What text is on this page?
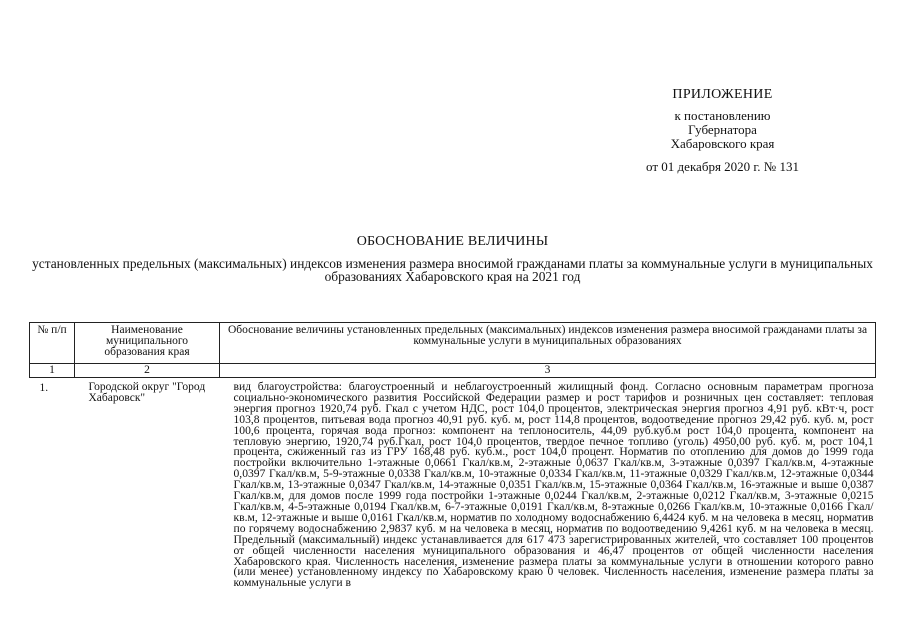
ПРИЛОЖЕНИЕ
к постановлению
Губернатора
Хабаровского края
от 01 декабря 2020 г. № 131
ОБОСНОВАНИЕ ВЕЛИЧИНЫ
установленных предельных (максимальных) индексов изменения размера вносимой гражданами платы за коммунальные услуги в муниципальных образованиях Хабаровского края на 2021 год
№ п/п	Наименование муниципального образования края	Обоснование величины установленных предельных (максимальных) индексов изменения размера вносимой гражданами платы за коммунальные услуги в муниципальных образованиях
1	2	3
1.	Городской округ "Город Хабаровск"	вид благоустройства: благоустроенный и неблагоустроенный жилищный фонд. Согласно основным параметрам прогноза социально-экономического развития Российской Федерации размер и рост тарифов и розничных цен составляет: тепловая энергия прогноз 1920,74 руб. Гкал с учетом НДС, рост 104,0 процентов, электрическая энергия прогноз 4,91 руб. кВт·ч, рост 103,8 процентов, питьевая вода прогноз 40,91 руб. куб. м, рост 114,8 процентов, водоотведение прогноз 29,42 руб. куб. м, рост 100,6 процента, горячая вода прогноз: компонент на теплоноситель, 44,09 руб.куб.м рост 104,0 процента, компонент на тепловую энергию, 1920,74 руб.Гкал, рост 104,0 процентов, твердое печное топливо (уголь) 4950,00 руб. куб. м, рост 104,1 процента, сжиженный газ из ГРУ 168,48 руб. куб.м., рост 104,0 процент. Норматив по отоплению для домов до 1999 года постройки включительно 1-этажные 0,0661 Гкал/кв.м, 2-этажные 0,0637 Гкал/кв.м, 3-этажные 0,0397 Гкал/кв.м, 4-этажные 0,0397 Гкал/кв.м, 5-9-этажные 0,0338 Гкал/кв.м, 10-этажные 0,0334 Гкал/кв.м, 11-этажные 0,0329 Гкал/кв.м, 12-этажные 0,0344 Гкал/кв.м, 13-этажные 0,0347 Гкал/кв.м, 14-этажные 0,0351 Гкал/кв.м, 15-этажные 0,0364 Гкал/кв.м, 16-этажные и выше 0,0387 Гкал/кв.м, для домов после 1999 года постройки 1-этажные 0,0244 Гкал/кв.м, 2-этажные 0,0212 Гкал/кв.м, 3-этажные 0,0215 Гкал/кв.м, 4-5-этажные 0,0194 Гкал/кв.м, 6-7-этажные 0,0191 Гкал/кв.м, 8-этажные 0,0266 Гкал/кв.м, 10-этажные 0,0166 Гкал/кв.м, 12-этажные и выше 0,0161 Гкал/кв.м, норматив по холодному водоснабжению 6,4424 куб. м на человека в месяц, норматив по горячему водоснабжению 2,9837 куб. м на человека в месяц, норматив по водоотведению 9,4261 куб. м на человека в месяц. Предельный (максимальный) индекс устанавливается для 617 473 зарегистрированных жителей, что составляет 100 процентов от общей численности населения муниципального образования и 46,47 процентов от общей численности населения Хабаровского края. Численность населения, изменение размера платы за коммунальные услуги в отношении которого равно (или менее) установленному индексу по Хабаровскому краю 0 человек. Численность населения, изменение размера платы за коммунальные услуги в
